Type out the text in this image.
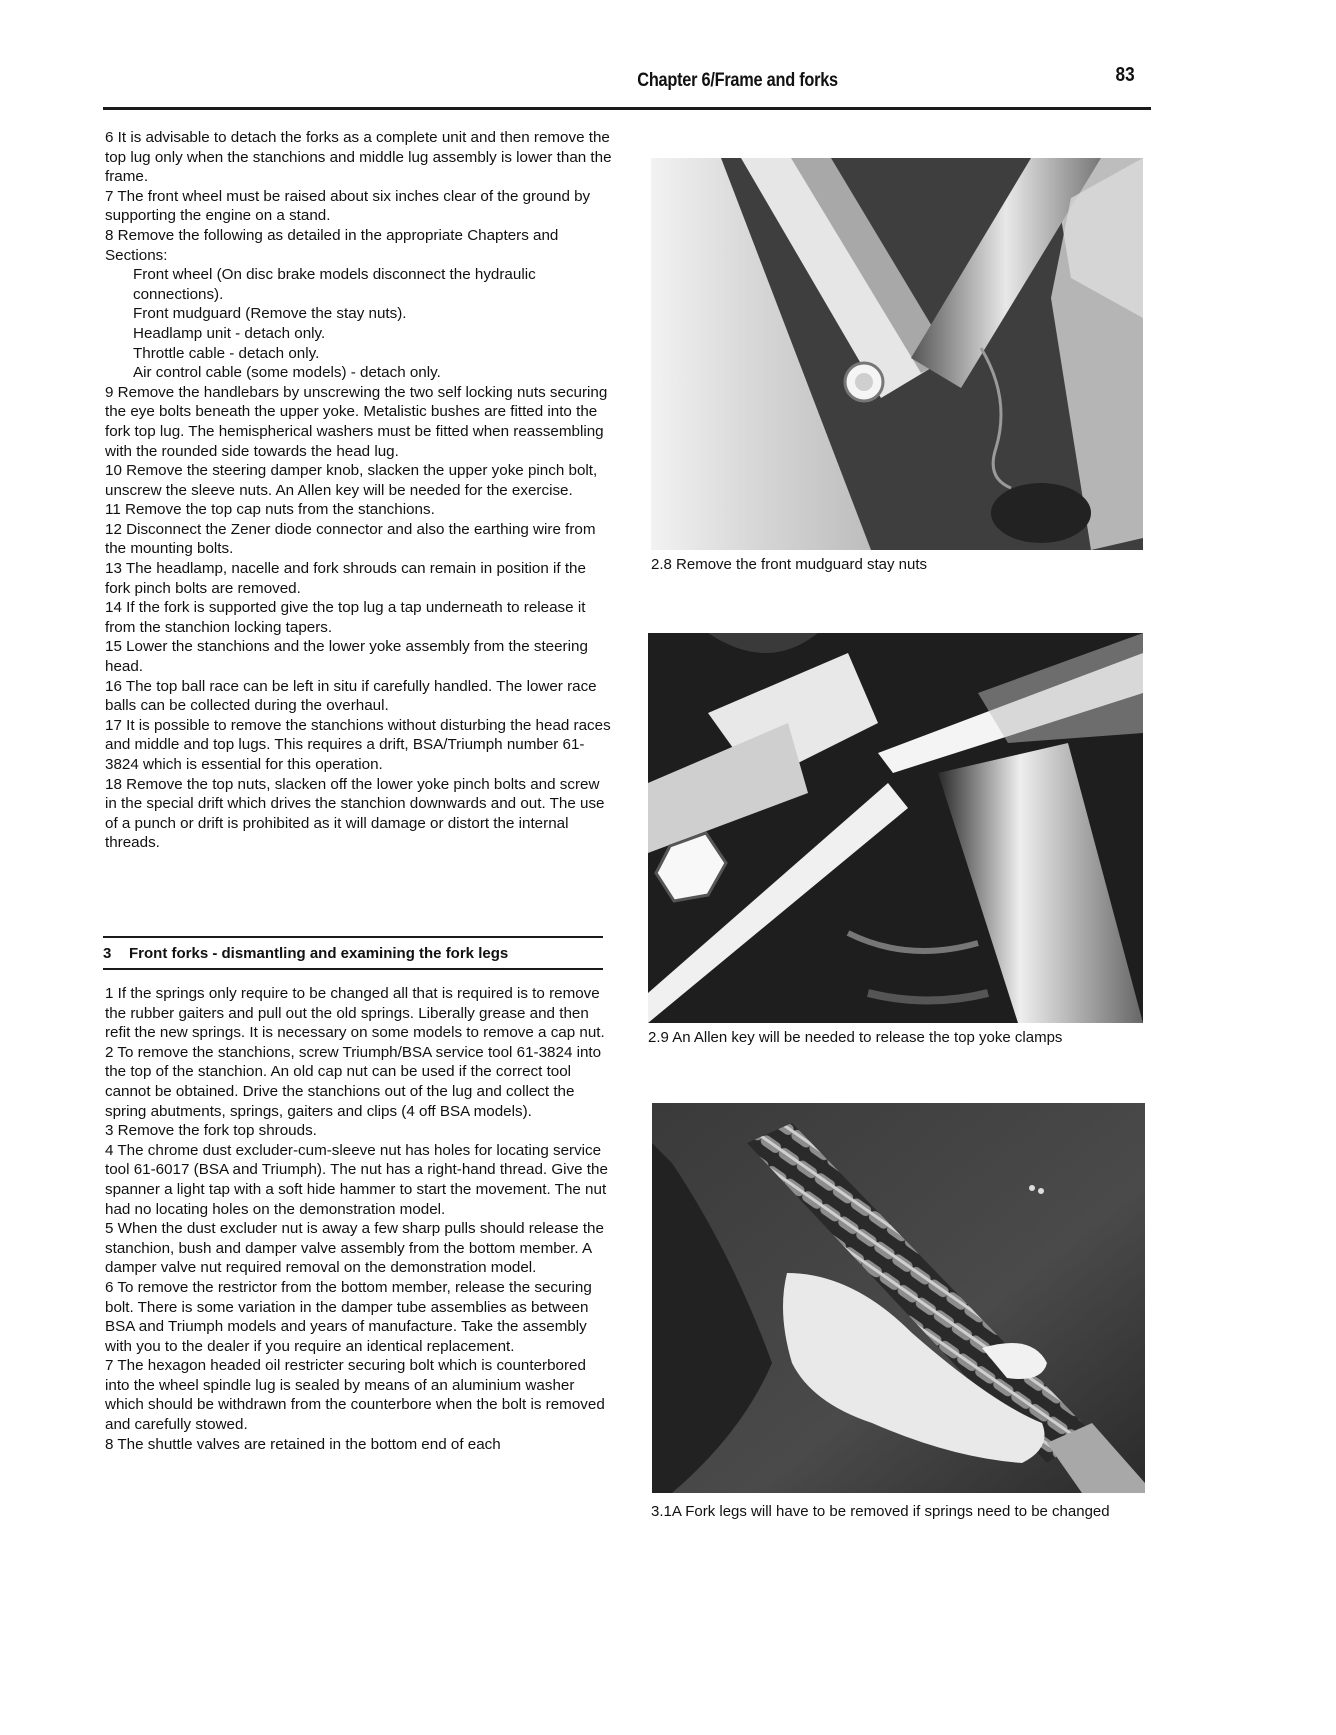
Chapter 6/Frame and forks	83

6 It is advisable to detach the forks as a complete unit and then remove the top lug only when the stanchions and middle lug assembly is lower than the frame.

7 The front wheel must be raised about six inches clear of the ground by supporting the engine on a stand.

8 Remove the following as detailed in the appropriate Chapters and Sections:

Front wheel (On disc brake models disconnect the hydraulic connections).

Front mudguard (Remove the stay nuts).

Headlamp unit - detach only.

Throttle cable - detach only.

Air control cable (some models) - detach only.

9 Remove the handlebars by unscrewing the two self locking nuts securing the eye bolts beneath the upper yoke. Metalistic bushes are fitted into the fork top lug. The hemispherical washers must be fitted when reassembling with the rounded side towards the head lug.

10 Remove the steering damper knob, slacken the upper yoke pinch bolt, unscrew the sleeve nuts. An Allen key will be needed for the exercise.

11 Remove the top cap nuts from the stanchions.

12 Disconnect the Zener diode connector and also the earthing wire from the mounting bolts.

13 The headlamp, nacelle and fork shrouds can remain in position if the fork pinch bolts are removed.

14 If the fork is supported give the top lug a tap underneath to release it from the stanchion locking tapers.

15 Lower the stanchions and the lower yoke assembly from the steering head.

16 The top ball race can be left in situ if carefully handled. The lower race balls can be collected during the overhaul.

17 It is possible to remove the stanchions without disturbing the head races and middle and top lugs. This requires a drift, BSA/Triumph number 61-3824 which is essential for this operation.

18 Remove the top nuts, slacken off the lower yoke pinch bolts and screw in the special drift which drives the stanchion downwards and out. The use of a punch or drift is prohibited as it will damage or distort the internal threads.

3 Front forks - dismantling and examining the fork legs

1 If the springs only require to be changed all that is required is to remove the rubber gaiters and pull out the old springs. Liberally grease and then refit the new springs. It is necessary on some models to remove a cap nut.

2 To remove the stanchions, screw Triumph/BSA service tool 61-3824 into the top of the stanchion. An old cap nut can be used if the correct tool cannot be obtained. Drive the stanchions out of the lug and collect the spring abutments, springs, gaiters and clips (4 off BSA models).

3 Remove the fork top shrouds.

4 The chrome dust excluder-cum-sleeve nut has holes for locating service tool 61-6017 (BSA and Triumph). The nut has a right-hand thread. Give the spanner a light tap with a soft hide hammer to start the movement. The nut had no locating holes on the demonstration model.

5 When the dust excluder nut is away a few sharp pulls should release the stanchion, bush and damper valve assembly from the bottom member. A damper valve nut required removal on the demonstration model.

6 To remove the restrictor from the bottom member, release the securing bolt. There is some variation in the damper tube assemblies as between BSA and Triumph models and years of manufacture. Take the assembly with you to the dealer if you require an identical replacement.

7 The hexagon headed oil restricter securing bolt which is counterbored into the wheel spindle lug is sealed by means of an aluminium washer which should be withdrawn from the counterbore when the bolt is removed and carefully stowed.

8 The shuttle valves are retained in the bottom end of each

2.8 Remove the front mudguard stay nuts
2.9 An Allen key will be needed to release the top yoke clamps
3.1A Fork legs will have to be removed if springs need to be changed
